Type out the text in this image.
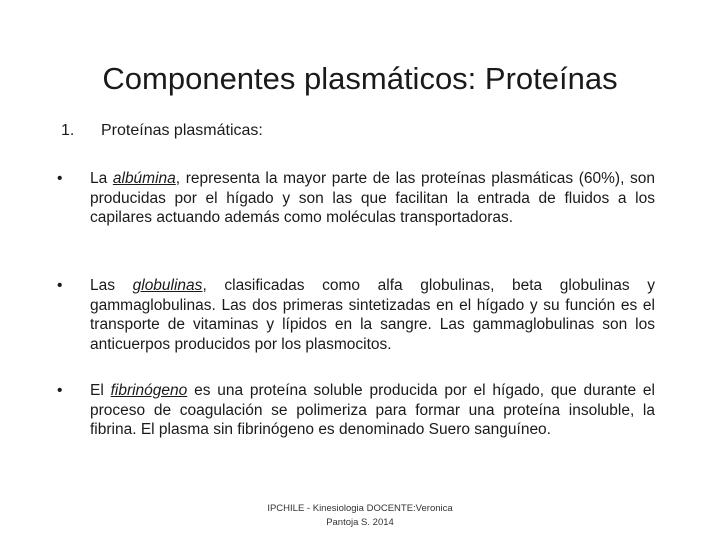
Componentes plasmáticos: Proteínas
1. Proteínas plasmáticas:
•	La albúmina, representa la mayor parte de las proteínas plasmáticas (60%), son producidas por el hígado y son las que facilitan la entrada de fluidos a los capilares actuando además como moléculas transportadoras.
•	Las globulinas, clasificadas como alfa globulinas, beta globulinas y gammaglobulinas. Las dos primeras sintetizadas en el hígado y su función es el transporte de vitaminas y lípidos en la sangre. Las gammaglobulinas son los anticuerpos producidos por los plasmocitos.
•	El fibrinógeno es una proteína soluble producida por el hígado, que durante el proceso de coagulación se polimeriza para formar una proteína insoluble, la fibrina. El plasma sin fibrinógeno es denominado Suero sanguíneo.
IPCHILE - Kinesiologia DOCENTE:Veronica
Pantoja S. 2014
